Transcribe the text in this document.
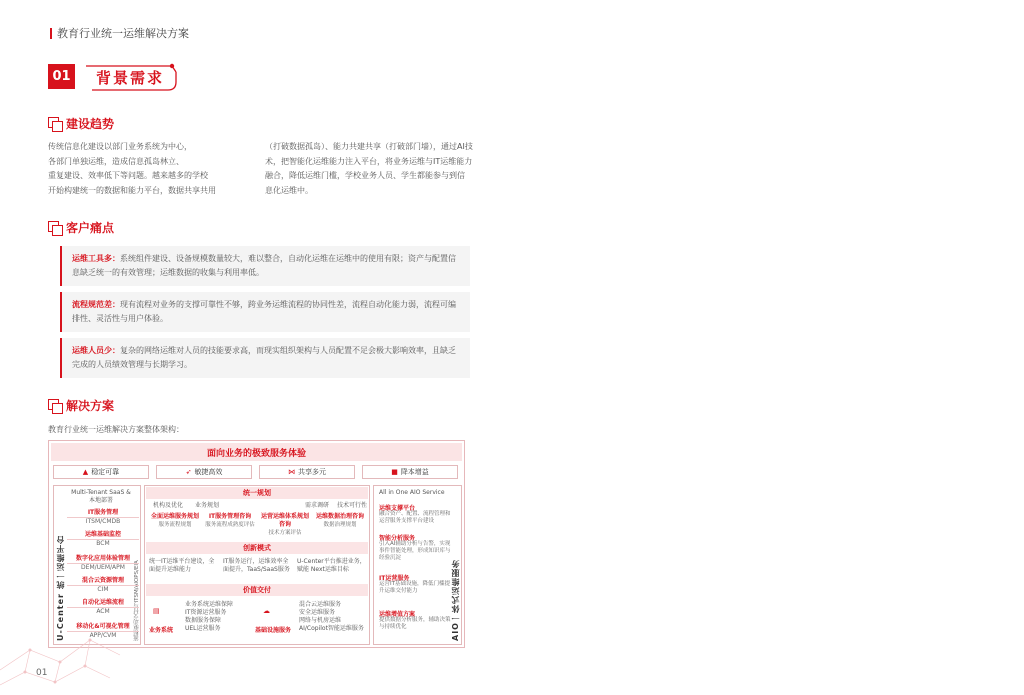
教育行业统一运维解决方案
01 背景需求
建设趋势
传统信息化建设以部门业务系统为中心，
各部门单独运维，造成信息孤岛林立、
重复建设、效率低下等问题。越来越多的学校
开始构建统一的数据和能力平台，数据共享共用
（打破数据孤岛）、能力共建共享（打破部门墙），通过AI技
术，把智能化运维能力注入平台，将业务运维与IT运维能力
融合，降低运维门槛，学校业务人员、学生都能参与到信
息化运维中。
客户痛点
运维工具多：系统组件建设、设备规模数量较大，难以整合，自动化运维在运维中的使用有限；资产与配置信息缺乏统一的有效管理；运维数据的收集与利用率低。
流程规范差：现有流程对业务的支撑可靠性不够，跨业务运维流程的协同性差，流程自动化能力弱，流程可编排性、灵活性与用户体验。
运维人员少：复杂的网络运维对人员的技能要求高，而现实组织架构与人员配置不足会极大影响效率，且缺乏完成的人员绩效管理与长期学习。
解决方案
教育行业统一运维解决方案整体架构：
面向业务的极致服务体验
▲ 稳定可靠	➶ 敏捷高效	⋈ 共享多元	■ 降本增益
U-Center 统一运维平台	流程驱动交付与ITSM/AIOPS/EIA
Multi-Tenant SaaS & 本地部署
IT服务管理
ITSM/CMDB
运维基础监控
BCM
数字化应用体验管理
DEM/UEM/APM
混合云资源管理
CIM
自动化运维流程
ACM
移动化&可视化管理
APP/CVM
统一规划
机构及优化 业务规划	需求调研 技术可行性
全面运维服务规划
服务流程规划
IT服务管理咨询
服务流程成熟度评估
运营运维体系规划咨询
技术方案评估
运维数据治理咨询
数据治理规划
创新模式
统一IT运维平台建设，全面提升运维能力
IT服务运行，运维效率全面提升，TaaS/SaaS服务
U-Center平台推进业务，赋能 Next运维目标
价值交付
▤
业务系统
业务系统运维保障
IT资源运营服务
数据服务保障
UEL运营服务
☁
基础设施服务
混合云运维服务
安全运维服务
网络与机房运维
AI/Copilot智能运维服务	AIO一体式运维服务
All in One AIO Service
运维支撑平台
融合资产、配置、流程管理和运营服务支撑平台建设
智能分析服务
引入AI辅助分析与告警，实现事件智能处理，形成知识库与经验沉淀
IT运营服务
运营IT基础设施，降低门槛提升运维交付能力
运维增值方案
提供数据分析服务，辅助决策与持续优化
01
